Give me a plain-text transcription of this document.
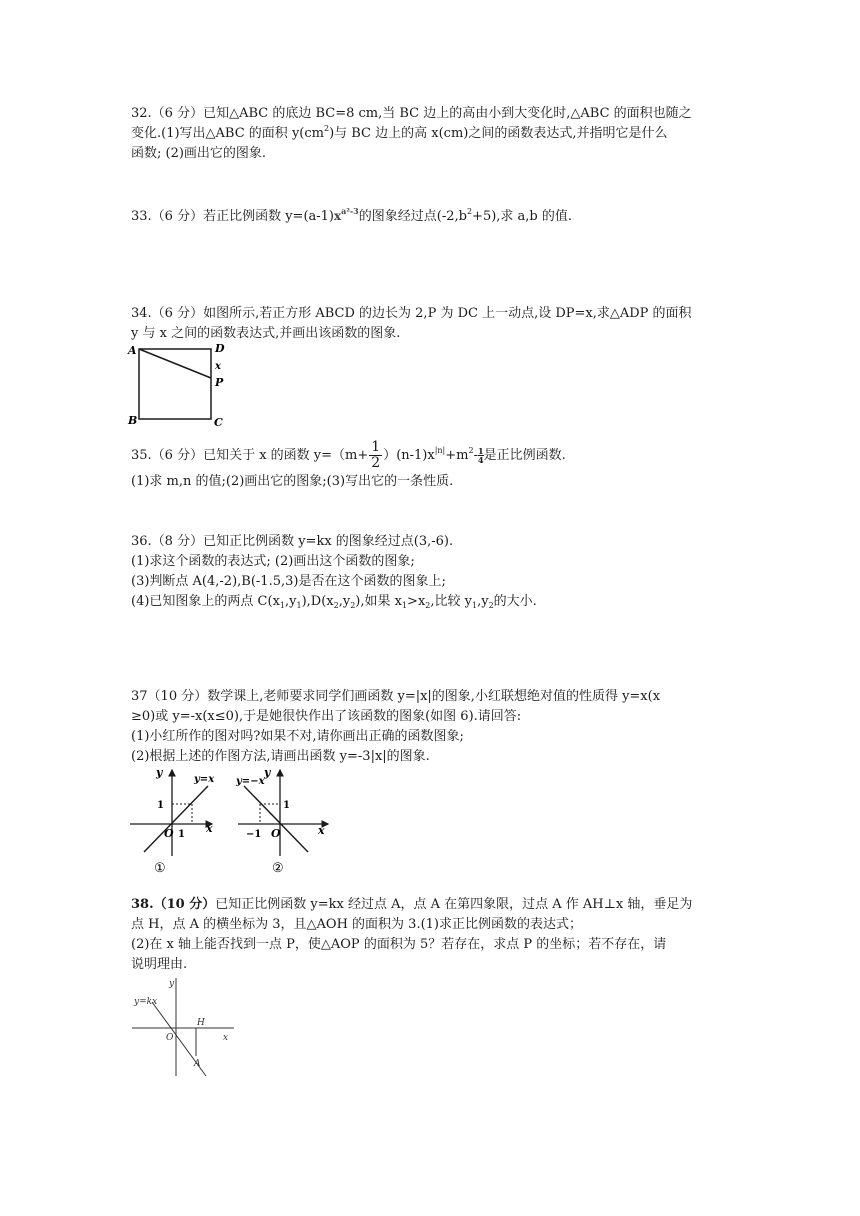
32.（6 分）已知△ABC 的底边 BC=8 cm,当 BC 边上的高由小到大变化时,△ABC 的面积也随之
变化.(1)写出△ABC 的面积 $y(cm^2)$与 BC 边上的高 x(cm)之间的函数表达式,并指明它是什么
函数; (2)画出它的图象.
33.（6 分）若正比例函数 $y=(a-1)x^{a^2-3}$的图象经过点$(-2,b^2+5)$,求 a,b 的值.
34.（6 分）如图所示,若正方形 ABCD 的边长为 2,P 为 DC 上一动点,设 DP=x,求△ADP 的面积
y 与 x 之间的函数表达式,并画出该函数的图象.
A	D
x
P
B	C
35.（6 分）已知关于 x 的函数 $y=(m+ \frac{1}{2} )(n-1)x^{|n|}+m^2- \frac{1}{4}$是正比例函数.
(1)求 m,n 的值;(2)画出它的图象;(3)写出它的一条性质.
36.（8 分）已知正比例函数 y=kx 的图象经过点(3,-6).
(1)求这个函数的表达式; (2)画出这个函数的图象;
(3)判断点 A(4,-2),B(-1.5,3)是否在这个函数的图象上;
(4)已知图象上的两点 $C(x_1,y_1),D(x_2,y_2)$,如果 $x_1>x_2$,比较 $y_1,y_2$的大小.
37（10 分）数学课上,老师要求同学们画函数 y=|x|的图象,小红联想绝对值的性质得 y=x(x
≥0)或 y=-x(x≤0),于是她很快作出了该函数的图象(如图 6).请回答:
(1)小红所作的图对吗?如果不对,请你画出正确的函数图象;
(2)根据上述的作图方法,请画出函数 y=-3|x|的图象.
y
y=x
1
O 1 x
①
y
y=−x
1
−1 O	x
②
38.（10 分）已知正比例函数 y=kx 经过点 A，点 A 在第四象限，过点 A 作 AH⊥x 轴，垂足为
点 H，点 A 的横坐标为 3，且△AOH 的面积为 3.(1)求正比例函数的表达式；
(2)在 x 轴上能否找到一点 P，使△AOP 的面积为 5？若存在，求点 P 的坐标；若不存在，请
说明理由.
y
y=kx
O
H
A
x
